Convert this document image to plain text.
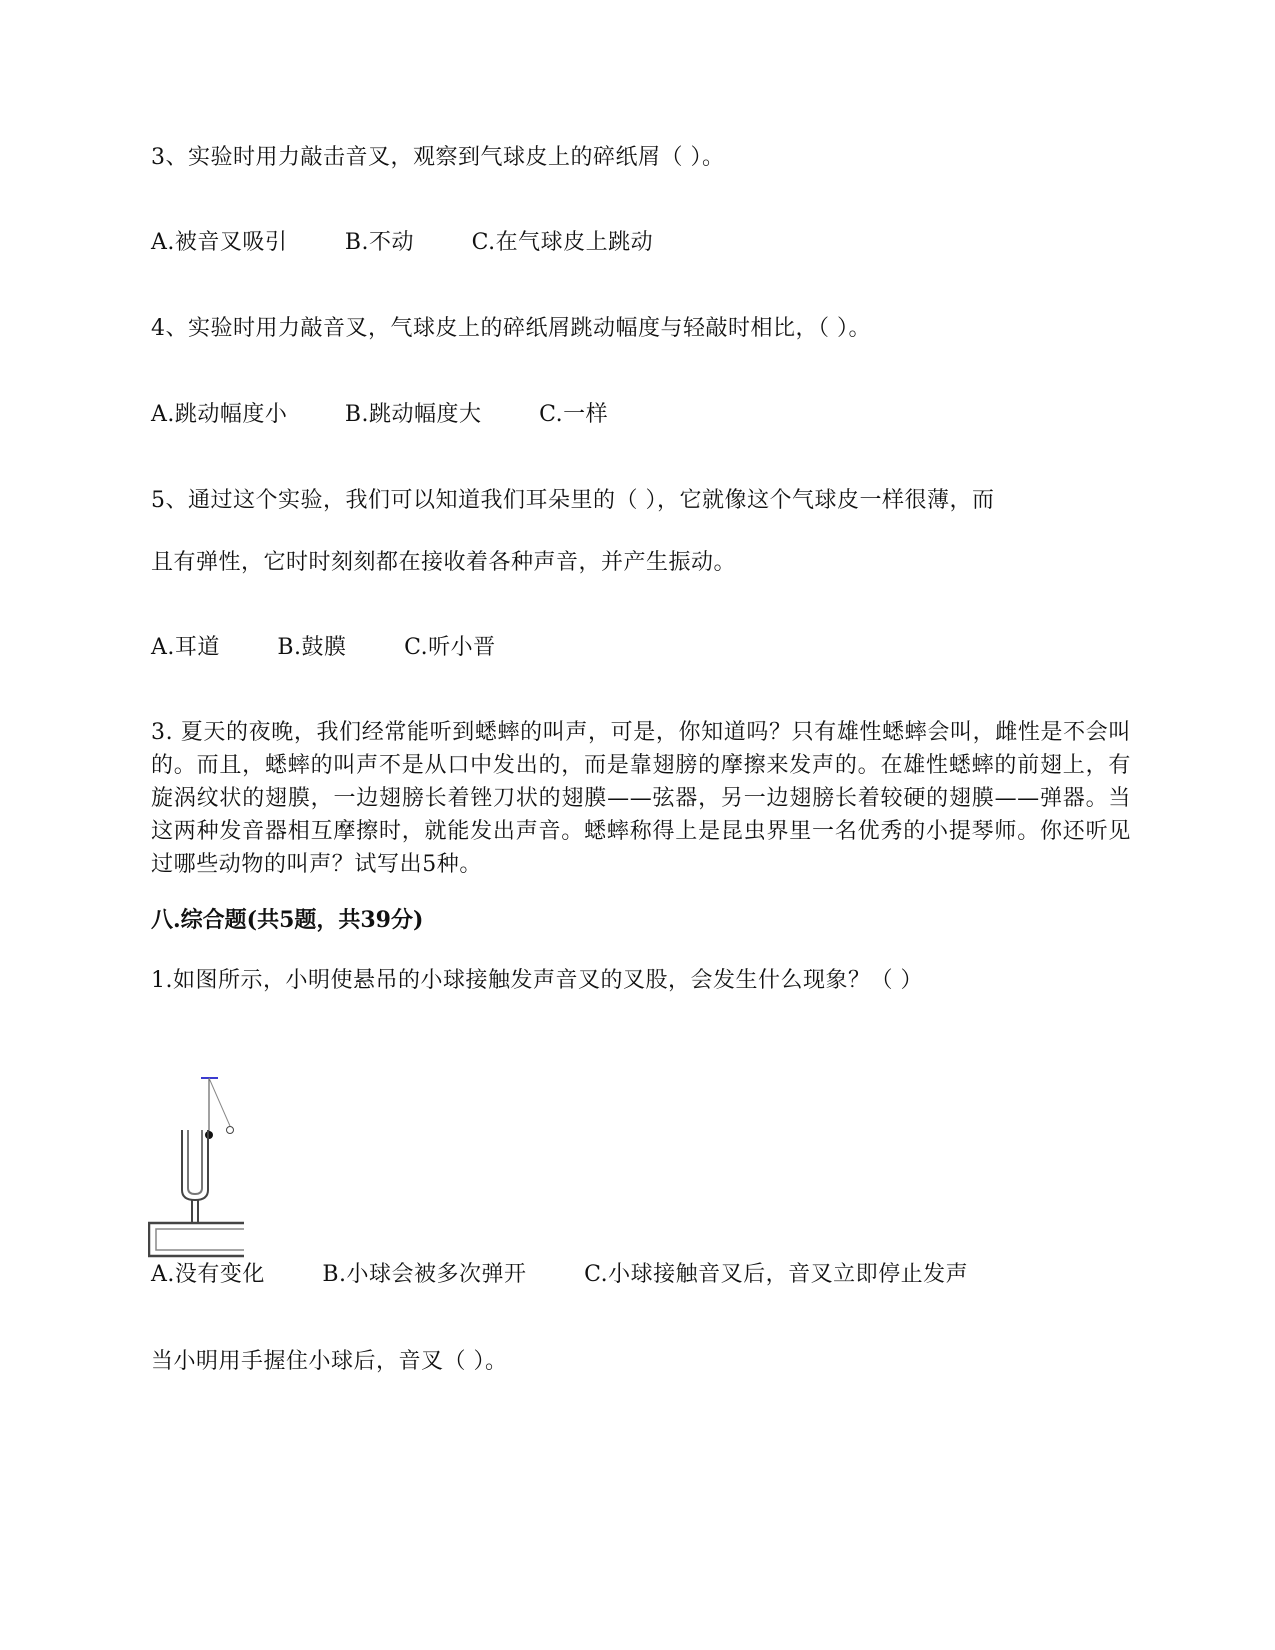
3、实验时用力敲击音叉，观察到气球皮上的碎纸屑（ ）。
A.被音叉吸引	B.不动	C.在气球皮上跳动
4、实验时用力敲音叉，气球皮上的碎纸屑跳动幅度与轻敲时相比，（ ）。
A.跳动幅度小	B.跳动幅度大	C.一样
5、通过这个实验，我们可以知道我们耳朵里的（ ），它就像这个气球皮一样很薄，而
且有弹性，它时时刻刻都在接收着各种声音，并产生振动。
A.耳道	B.鼓膜	C.听小晋
3. 夏天的夜晚，我们经常能听到蟋蟀的叫声，可是，你知道吗？只有雄性蟋蟀会叫，雌性是不会叫的。而且，蟋蟀的叫声不是从口中发出的，而是靠翅膀的摩擦来发声的。在雄性蟋蟀的前翅上，有旋涡纹状的翅膜，一边翅膀长着锉刀状的翅膜——弦器，另一边翅膀长着较硬的翅膜——弹器。当这两种发音器相互摩擦时，就能发出声音。蟋蟀称得上是昆虫界里一名优秀的小提琴师。你还听见过哪些动物的叫声？试写出5种。
八.综合题(共5题，共39分)
1.如图所示，小明使悬吊的小球接触发声音叉的叉股，会发生什么现象？（ ）
A.没有变化	B.小球会被多次弹开	C.小球接触音叉后，音叉立即停止发声
当小明用手握住小球后，音叉（ ）。
